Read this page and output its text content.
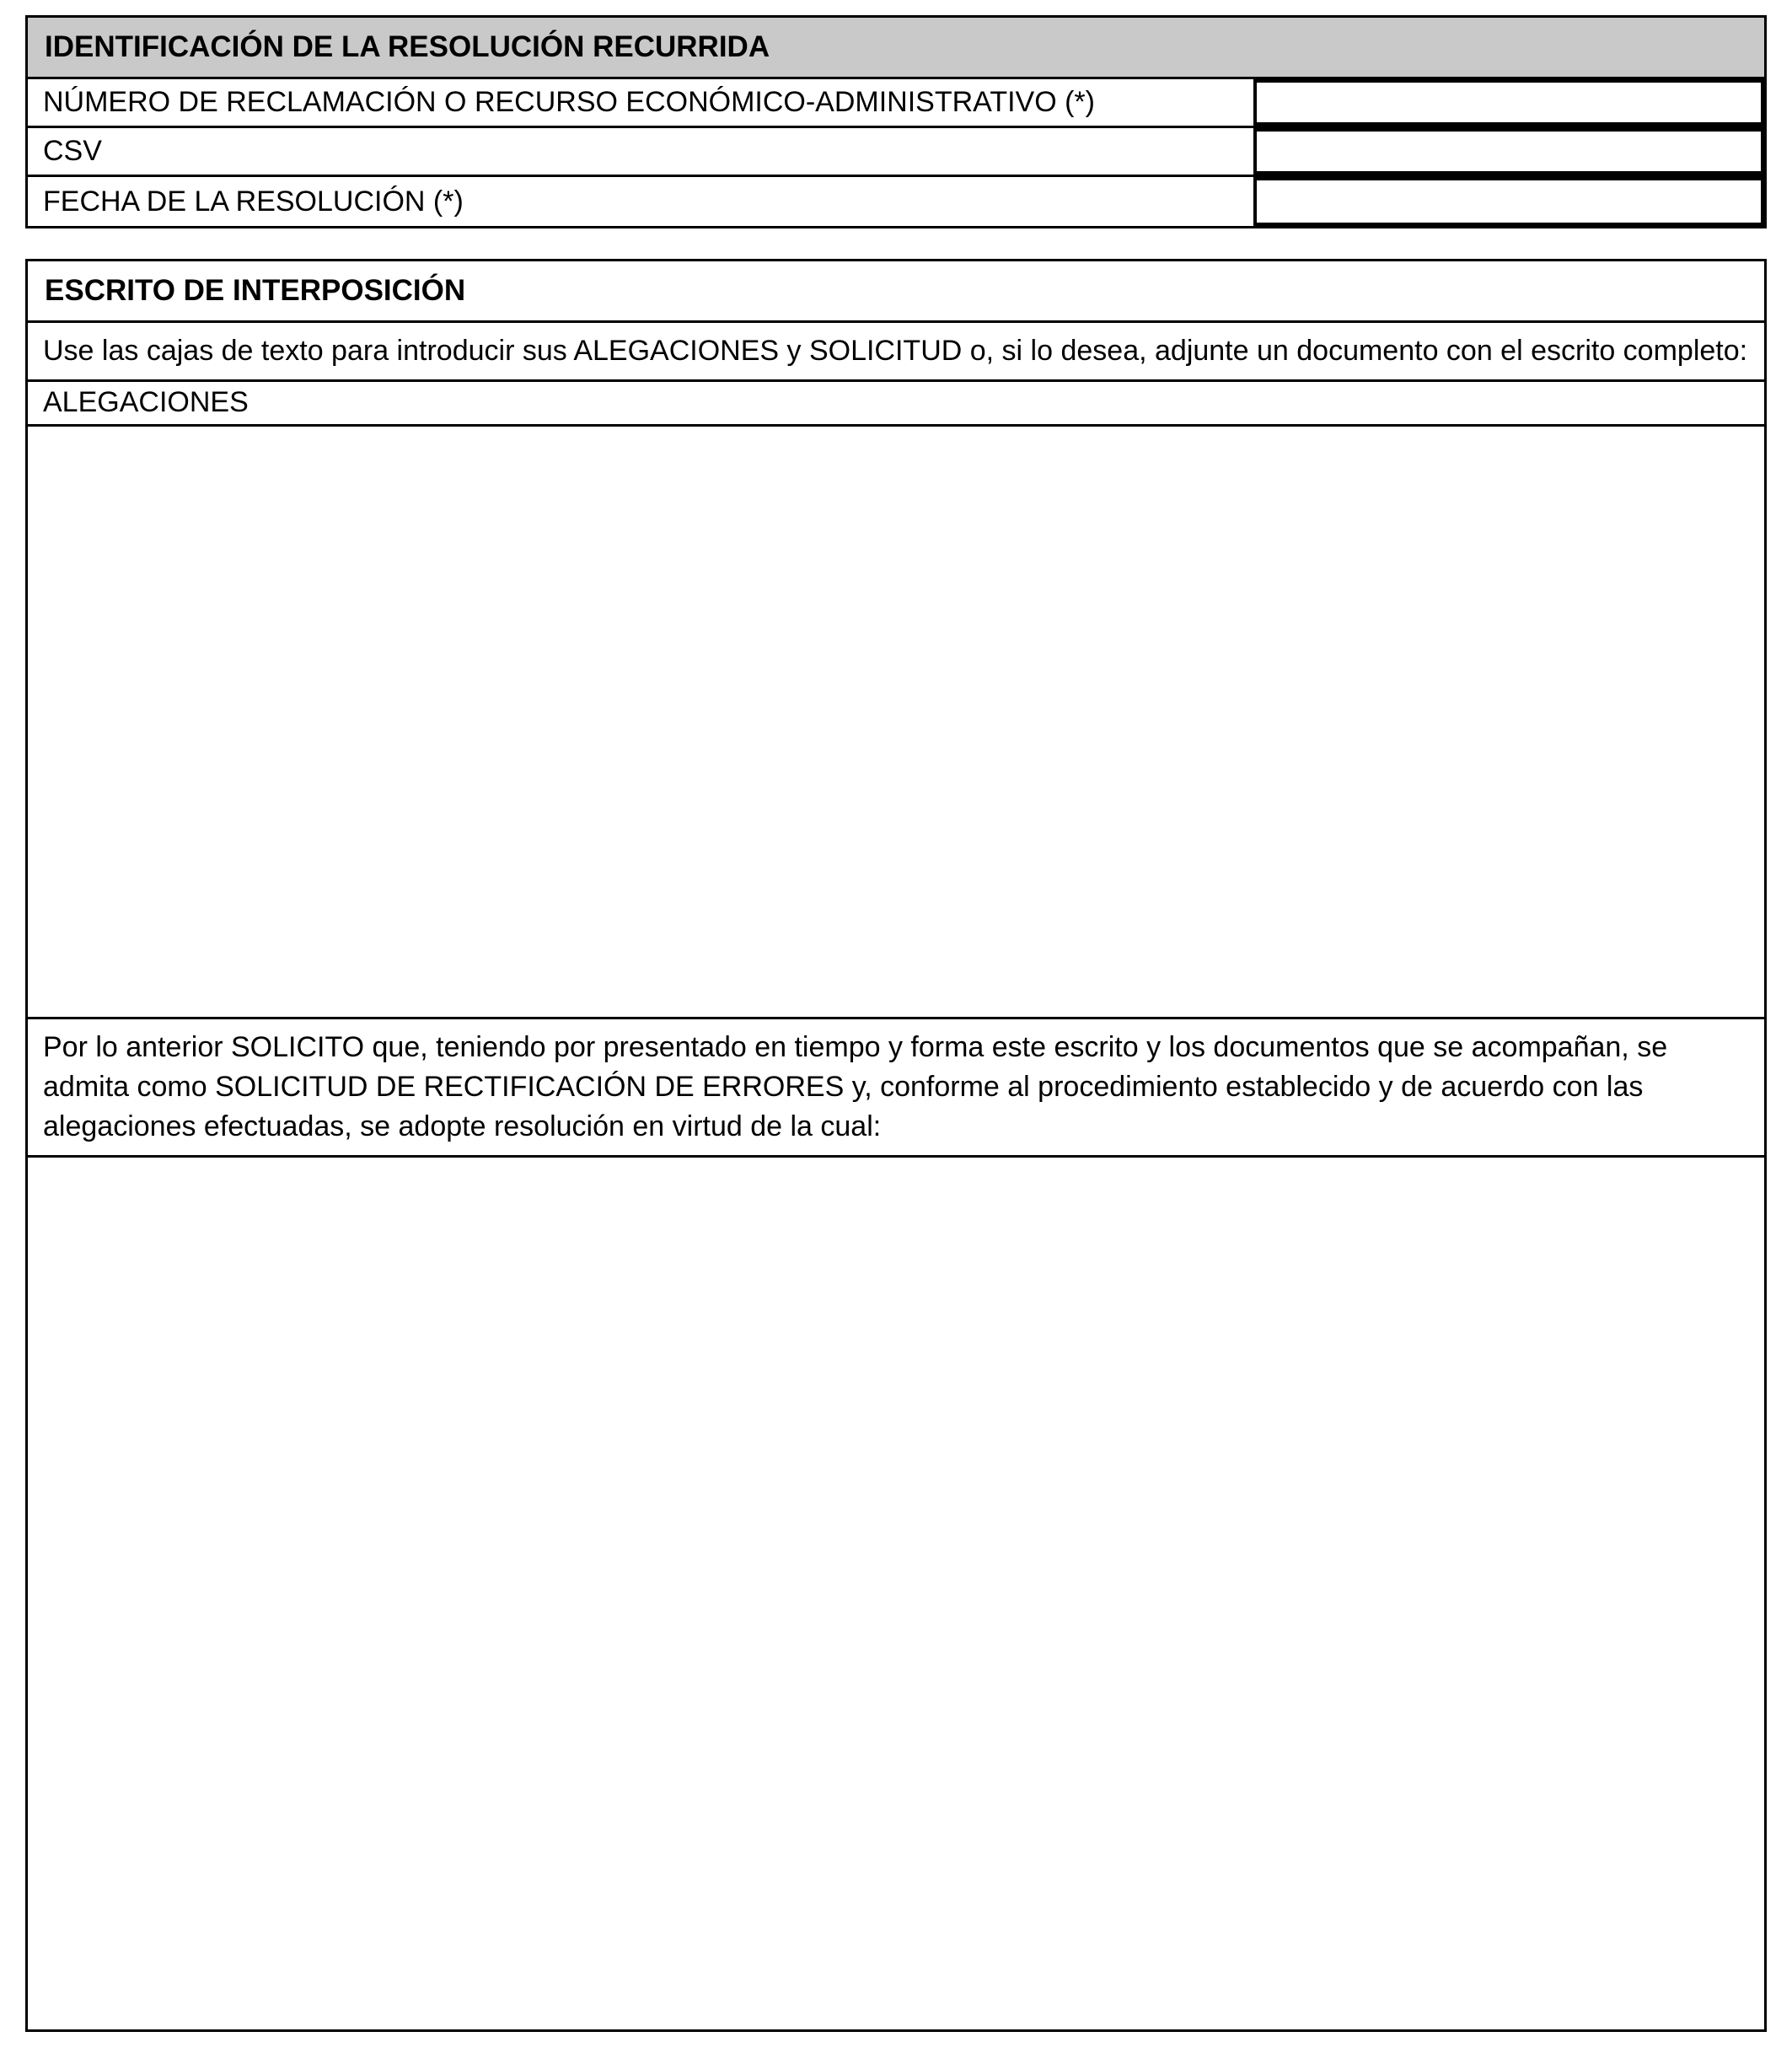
IDENTIFICACIÓN DE LA RESOLUCIÓN RECURRIDA
NÚMERO DE RECLAMACIÓN O RECURSO ECONÓMICO-ADMINISTRATIVO (*)
CSV
FECHA DE LA RESOLUCIÓN (*)
ESCRITO DE INTERPOSICIÓN
Use las cajas de texto para introducir sus ALEGACIONES y SOLICITUD o, si lo desea, adjunte un documento con el escrito completo:
ALEGACIONES
Por lo anterior SOLICITO que, teniendo por presentado en tiempo y forma este escrito y los documentos que se acompañan, se admita como SOLICITUD DE RECTIFICACIÓN DE ERRORES y, conforme al procedimiento establecido y de acuerdo con las alegaciones efectuadas, se adopte resolución en virtud de la cual:
